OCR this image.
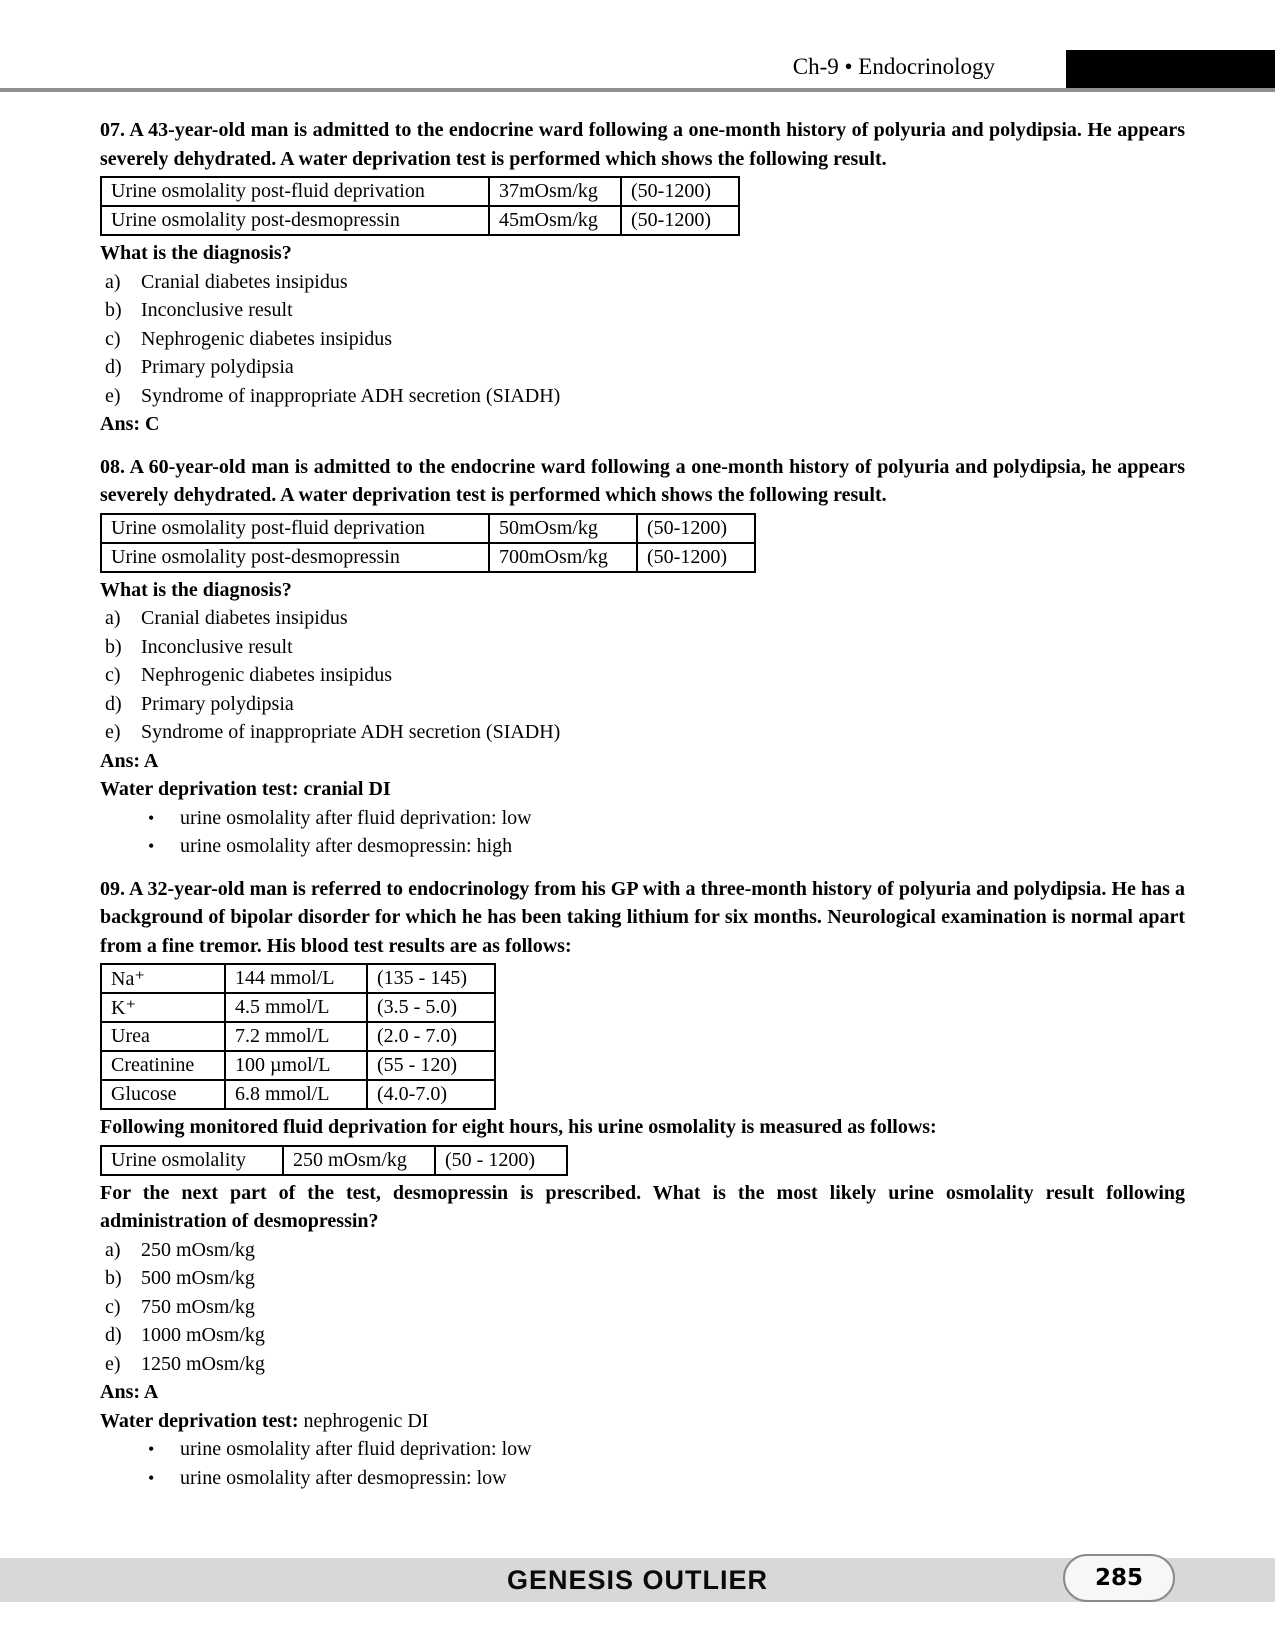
Ch-9 • Endocrinology

07. A 43-year-old man is admitted to the endocrine ward following a one-month history of polyuria and polydipsia. He appears severely dehydrated. A water deprivation test is performed which shows the following result.

Urine osmolality post-fluid deprivation	37mOsm/kg	(50-1200)
Urine osmolality post-desmopressin	45mOsm/kg	(50-1200)
What is the diagnosis?
a)	Cranial diabetes insipidus
b) Inconclusive result
c)	Nephrogenic diabetes insipidus
d) Primary polydipsia
e)	Syndrome of inappropriate ADH secretion (SIADH)
Ans: C

08. A 60-year-old man is admitted to the endocrine ward following a one-month history of polyuria and polydipsia, he appears severely dehydrated. A water deprivation test is performed which shows the following result.

Urine osmolality post-fluid deprivation	50mOsm/kg	(50-1200)
Urine osmolality post-desmopressin	700mOsm/kg	(50-1200)
What is the diagnosis?
a)	Cranial diabetes insipidus
b) Inconclusive result
c)	Nephrogenic diabetes insipidus
d) Primary polydipsia
e)	Syndrome of inappropriate ADH secretion (SIADH)
Ans: A
Water deprivation test: cranial DI
•	urine osmolality after fluid deprivation: low
•	urine osmolality after desmopressin: high

09. A 32-year-old man is referred to endocrinology from his GP with a three-month history of polyuria and polydipsia. He has a background of bipolar disorder for which he has been taking lithium for six months. Neurological examination is normal apart from a fine tremor. His blood test results are as follows:

Na⁺	144 mmol/L	(135 - 145)
K⁺	4.5 mmol/L	(3.5 - 5.0)
Urea	7.2 mmol/L	(2.0 - 7.0)
Creatinine	100 µmol/L	(55 - 120)
Glucose	6.8 mmol/L	(4.0-7.0)
Following monitored fluid deprivation for eight hours, his urine osmolality is measured as follows:
Urine osmolality	250 mOsm/kg	(50 - 1200)

For the next part of the test, desmopressin is prescribed. What is the most likely urine osmolality result following administration of desmopressin?

a)	250 mOsm/kg
b) 500 mOsm/kg
c)	750 mOsm/kg
d) 1000 mOsm/kg
e)	1250 mOsm/kg
Ans: A
Water deprivation test: nephrogenic DI
•	urine osmolality after fluid deprivation: low
•	urine osmolality after desmopressin: low
GENESIS OUTLIER	285
